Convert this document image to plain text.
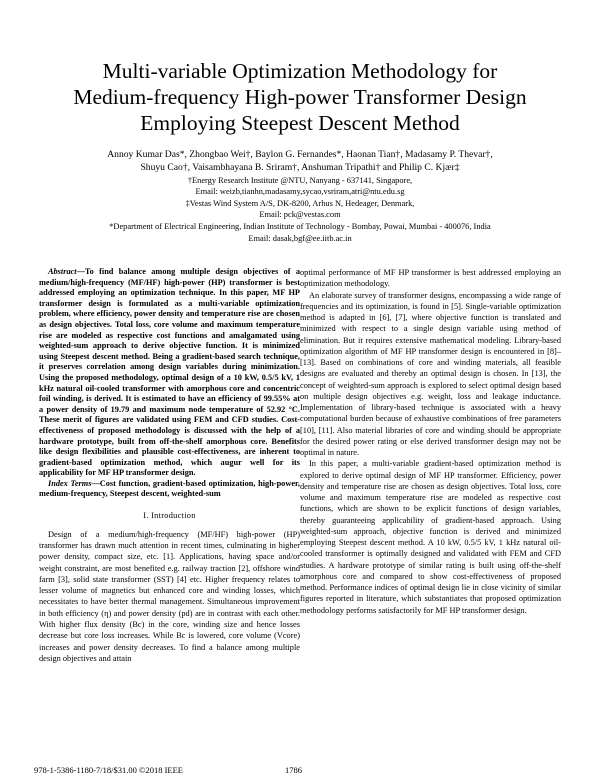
Multi-variable Optimization Methodology for
Medium-frequency High-power Transformer Design
Employing Steepest Descent Method
Annoy Kumar Das*, Zhongbao Wei†, Baylon G. Fernandes*, Haonan Tian†, Madasamy P. Thevar†,
Shuyu Cao†, Vaisambhayana B. Sriram†, Anshuman Tripathi† and Philip C. Kjær‡
†Energy Research Institute @NTU, Nanyang - 637141, Singapore,
Email: weizb,tianhn,madasamy,sycao,vsriram,atri@ntu.edu.sg
‡Vestas Wind System A/S, DK-8200, Arhus N, Hedeager, Denmark,
Email: pck@vestas.com
*Department of Electrical Engineering, Indian Institute of Technology - Bombay, Powai, Mumbai - 400076, India
Email: dasak,bgf@ee.iitb.ac.in

Abstract—To find balance among multiple design objectives of a medium/high-frequency (MF/HF) high-power (HP) transformer is best addressed employing an optimization technique. In this paper, MF HP transformer design is formulated as a multi-variable optimization problem, where efficiency, power density and temperature rise are chosen as design objectives. Total loss, core volume and maximum temperature rise are modeled as respective cost functions and amalgamated using weighted-sum approach to derive objective function. It is minimized using Steepest descent method. Being a gradient-based search technique, it preserves correlation among design variables during minimization. Using the proposed methodology, optimal design of a 10 kW, 0.5/5 kV, 1 kHz natural oil-cooled transformer with amorphous core and concentric foil winding, is derived. It is estimated to have an efficiency of 99.55% at a power density of 19.79 and maximum node temperature of 52.92 °C. These merit of figures are validated using FEM and CFD studies. Cost-effectiveness of proposed methodology is discussed with the help of a hardware prototype, built from off-the-shelf amorphous core. Benefits like design flexibilities and plausible cost-effectiveness, are inherent to gradient-based optimization method, which augur well for its applicability for MF HP transformer design.

Index Terms—Cost function, gradient-based optimization, high-power, medium-frequency, Steepest descent, weighted-sum

I. Introduction

Design of a medium/high-frequency (MF/HF) high-power (HP) transformer has drawn much attention in recent times, culminating in higher power density, compact size, etc. [1]. Applications, having space and/or weight constraint, are most benefited e.g. railway traction [2], offshore wind farm [3], solid state transformer (SST) [4] etc. Higher frequency relates to lesser volume of magnetics but enhanced core and winding losses, which necessitates to have better thermal management. Simultaneous improvement in both efficiency (η) and power density (pd) are in contrast with each other. With higher flux density (Bc) in the core, winding size and hence losses decrease but core loss increases. While Bc is lowered, core volume (Vcore) increases and power density decreases. To find a balance among multiple design objectives and attain

optimal performance of MF HP transformer is best addressed employing an optimization methodology.

An elaborate survey of transformer designs, encompassing a wide range of frequencies and its optimization, is found in [5]. Single-variable optimization method is adapted in [6], [7], where objective function is translated and minimized with respect to a single design variable using method of elimination. But it requires extensive mathematical modeling. Library-based optimization algorithm of MF HP transformer design is encountered in [8]–[13]. Based on combinations of core and winding materials, all feasible designs are evaluated and thereby an optimal design is chosen. In [13], the concept of weighted-sum approach is explored to select optimal design based on multiple design objectives e.g. weight, loss and leakage inductance. Implementation of library-based technique is associated with a heavy computational burden because of exhaustive combinations of free parameters [10], [11]. Also material libraries of core and winding should be appropriate for the desired power rating or else derived transformer design may not be optimal in nature.

In this paper, a multi-variable gradient-based optimization method is explored to derive optimal design of MF HP transformer. Efficiency, power density and temperature rise are chosen as design objectives. Total loss, core volume and maximum temperature rise are modeled as respective cost functions, which are shown to be explicit functions of design variables, thereby guaranteeing applicability of gradient-based approach. Using weighted-sum approach, objective function is derived and minimized employing Steepest descent method. A 10 kW, 0.5/5 kV, 1 kHz natural oil-cooled transformer is optimally designed and validated with FEM and CFD studies. A hardware prototype of similar rating is built using off-the-shelf amorphous core and compared to show cost-effectiveness of proposed method. Performance indices of optimal design lie in close vicinity of similar figures reported in literature, which substantiates that proposed optimization methodology performs satisfactorily for MF HP transformer design.

978-1-5386-1180-7/18/$31.00 ©2018 IEEE	1786
